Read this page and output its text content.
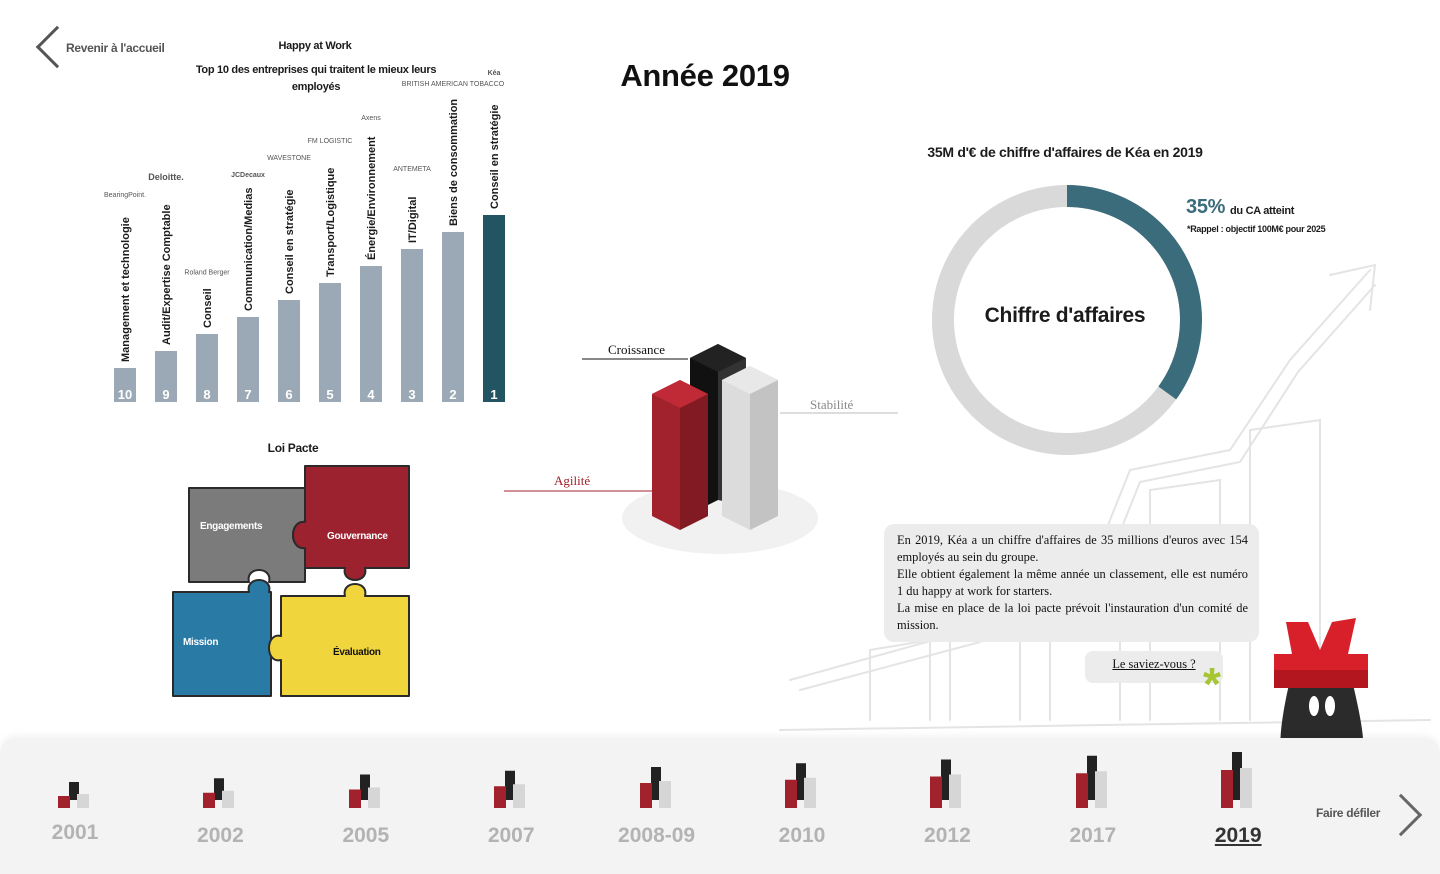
Revenir à l'accueil	Happy at Work
Top 10 des entreprises qui traitent le mieux leurs employés
10
Management et technologie
BearingPoint.
9
Audit/Expertise Comptable
Deloitte.
8
Conseil
Roland Berger
7
Communication/Medias
JCDecaux
6
Conseil en stratégie
WAVESTONE
5
Transport/Logistique
FM LOGISTIC
4
Énergie/Environnement
Axens
3
IT/Digital
ANTEMETA
2
Biens de consommation
BRITISH AMERICAN TOBACCO
1
Conseil en stratégie
Kéa	Année 2019
35M d'€ de chiffre d'affaires de Kéa en 2019
Chiffre d'affaires
35% du CA atteint
*Rappel : objectif 100M€ pour 2025
Croissance
Stabilité
Agilité
Loi Pacte
Engagements
Gouvernance
Mission
Évaluation

En 2019, Kéa a un chiffre d'affaires de 35 millions d'euros avec 154 employés au sein du groupe.

Elle obtient également la même année un classement, elle est numéro 1 du happy at work for starters.

La mise en place de la loi pacte prévoit l'instauration d'un comité de mission.

Le saviez-vous ? *
2001	2002	2005	2007	2008-09	2010	2012	2017	2019
Faire défiler
